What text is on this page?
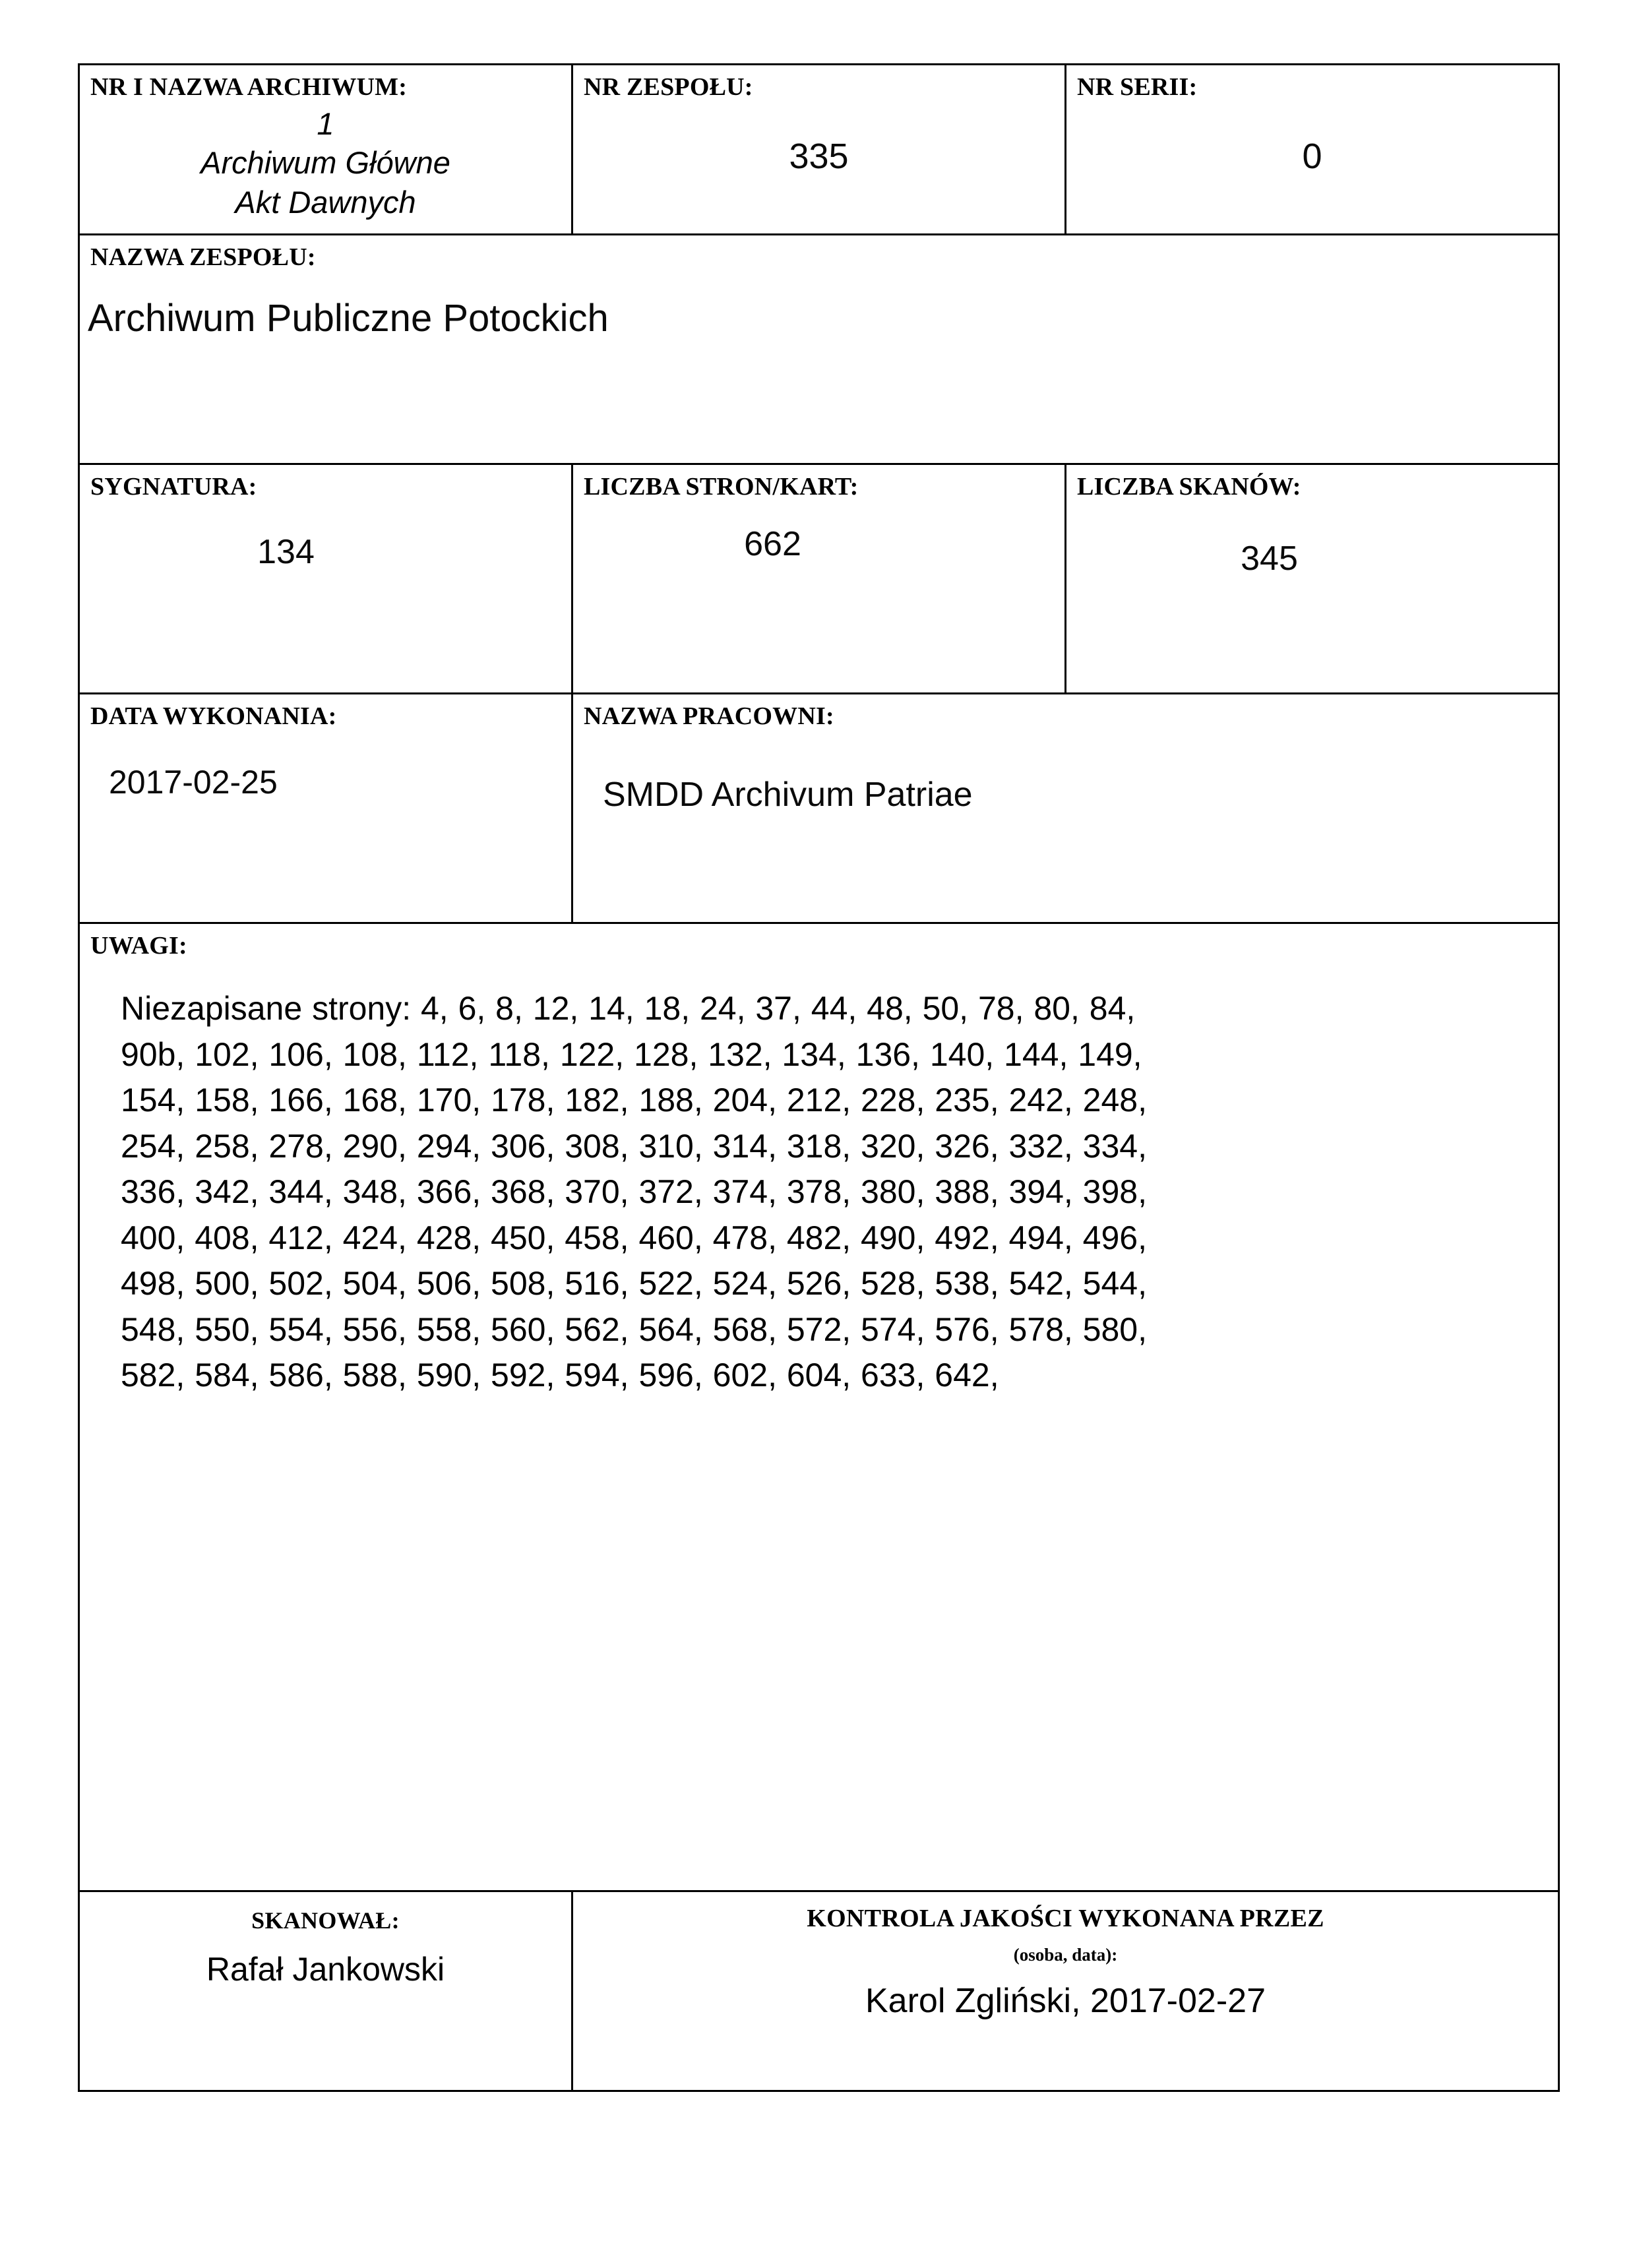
NR I NAZWA ARCHIWUM:
1
Archiwum Główne
Akt Dawnych

NR ZESPOŁU:
335

NR SERII:
0

NAZWA ZESPOŁU:
Archiwum Publiczne Potockich		

SYGNATURA:
134

LICZBA STRON/KART:
662

LICZBA SKANÓW:
345

DATA WYKONANIA:
2017-02-25

NAZWA PRACOWNI:
SMDD Archivum Patriae

UWAGI:
Niezapisane strony: 4, 6, 8, 12, 14, 18, 24, 37, 44, 48, 50, 78, 80, 84,
90b, 102, 106, 108, 112, 118, 122, 128, 132, 134, 136, 140, 144, 149,
154, 158, 166, 168, 170, 178, 182, 188, 204, 212, 228, 235, 242, 248,
254, 258, 278, 290, 294, 306, 308, 310, 314, 318, 320, 326, 332, 334,
336, 342, 344, 348, 366, 368, 370, 372, 374, 378, 380, 388, 394, 398,
400, 408, 412, 424, 428, 450, 458, 460, 478, 482, 490, 492, 494, 496,
498, 500, 502, 504, 506, 508, 516, 522, 524, 526, 528, 538, 542, 544,
548, 550, 554, 556, 558, 560, 562, 564, 568, 572, 574, 576, 578, 580,
582, 584, 586, 588, 590, 592, 594, 596, 602, 604, 633, 642,

SKANOWAŁ:
Rafał Jankowski

KONTROLA JAKOŚCI WYKONANA PRZEZ
(osoba, data):
Karol Zgliński, 2017-02-27
